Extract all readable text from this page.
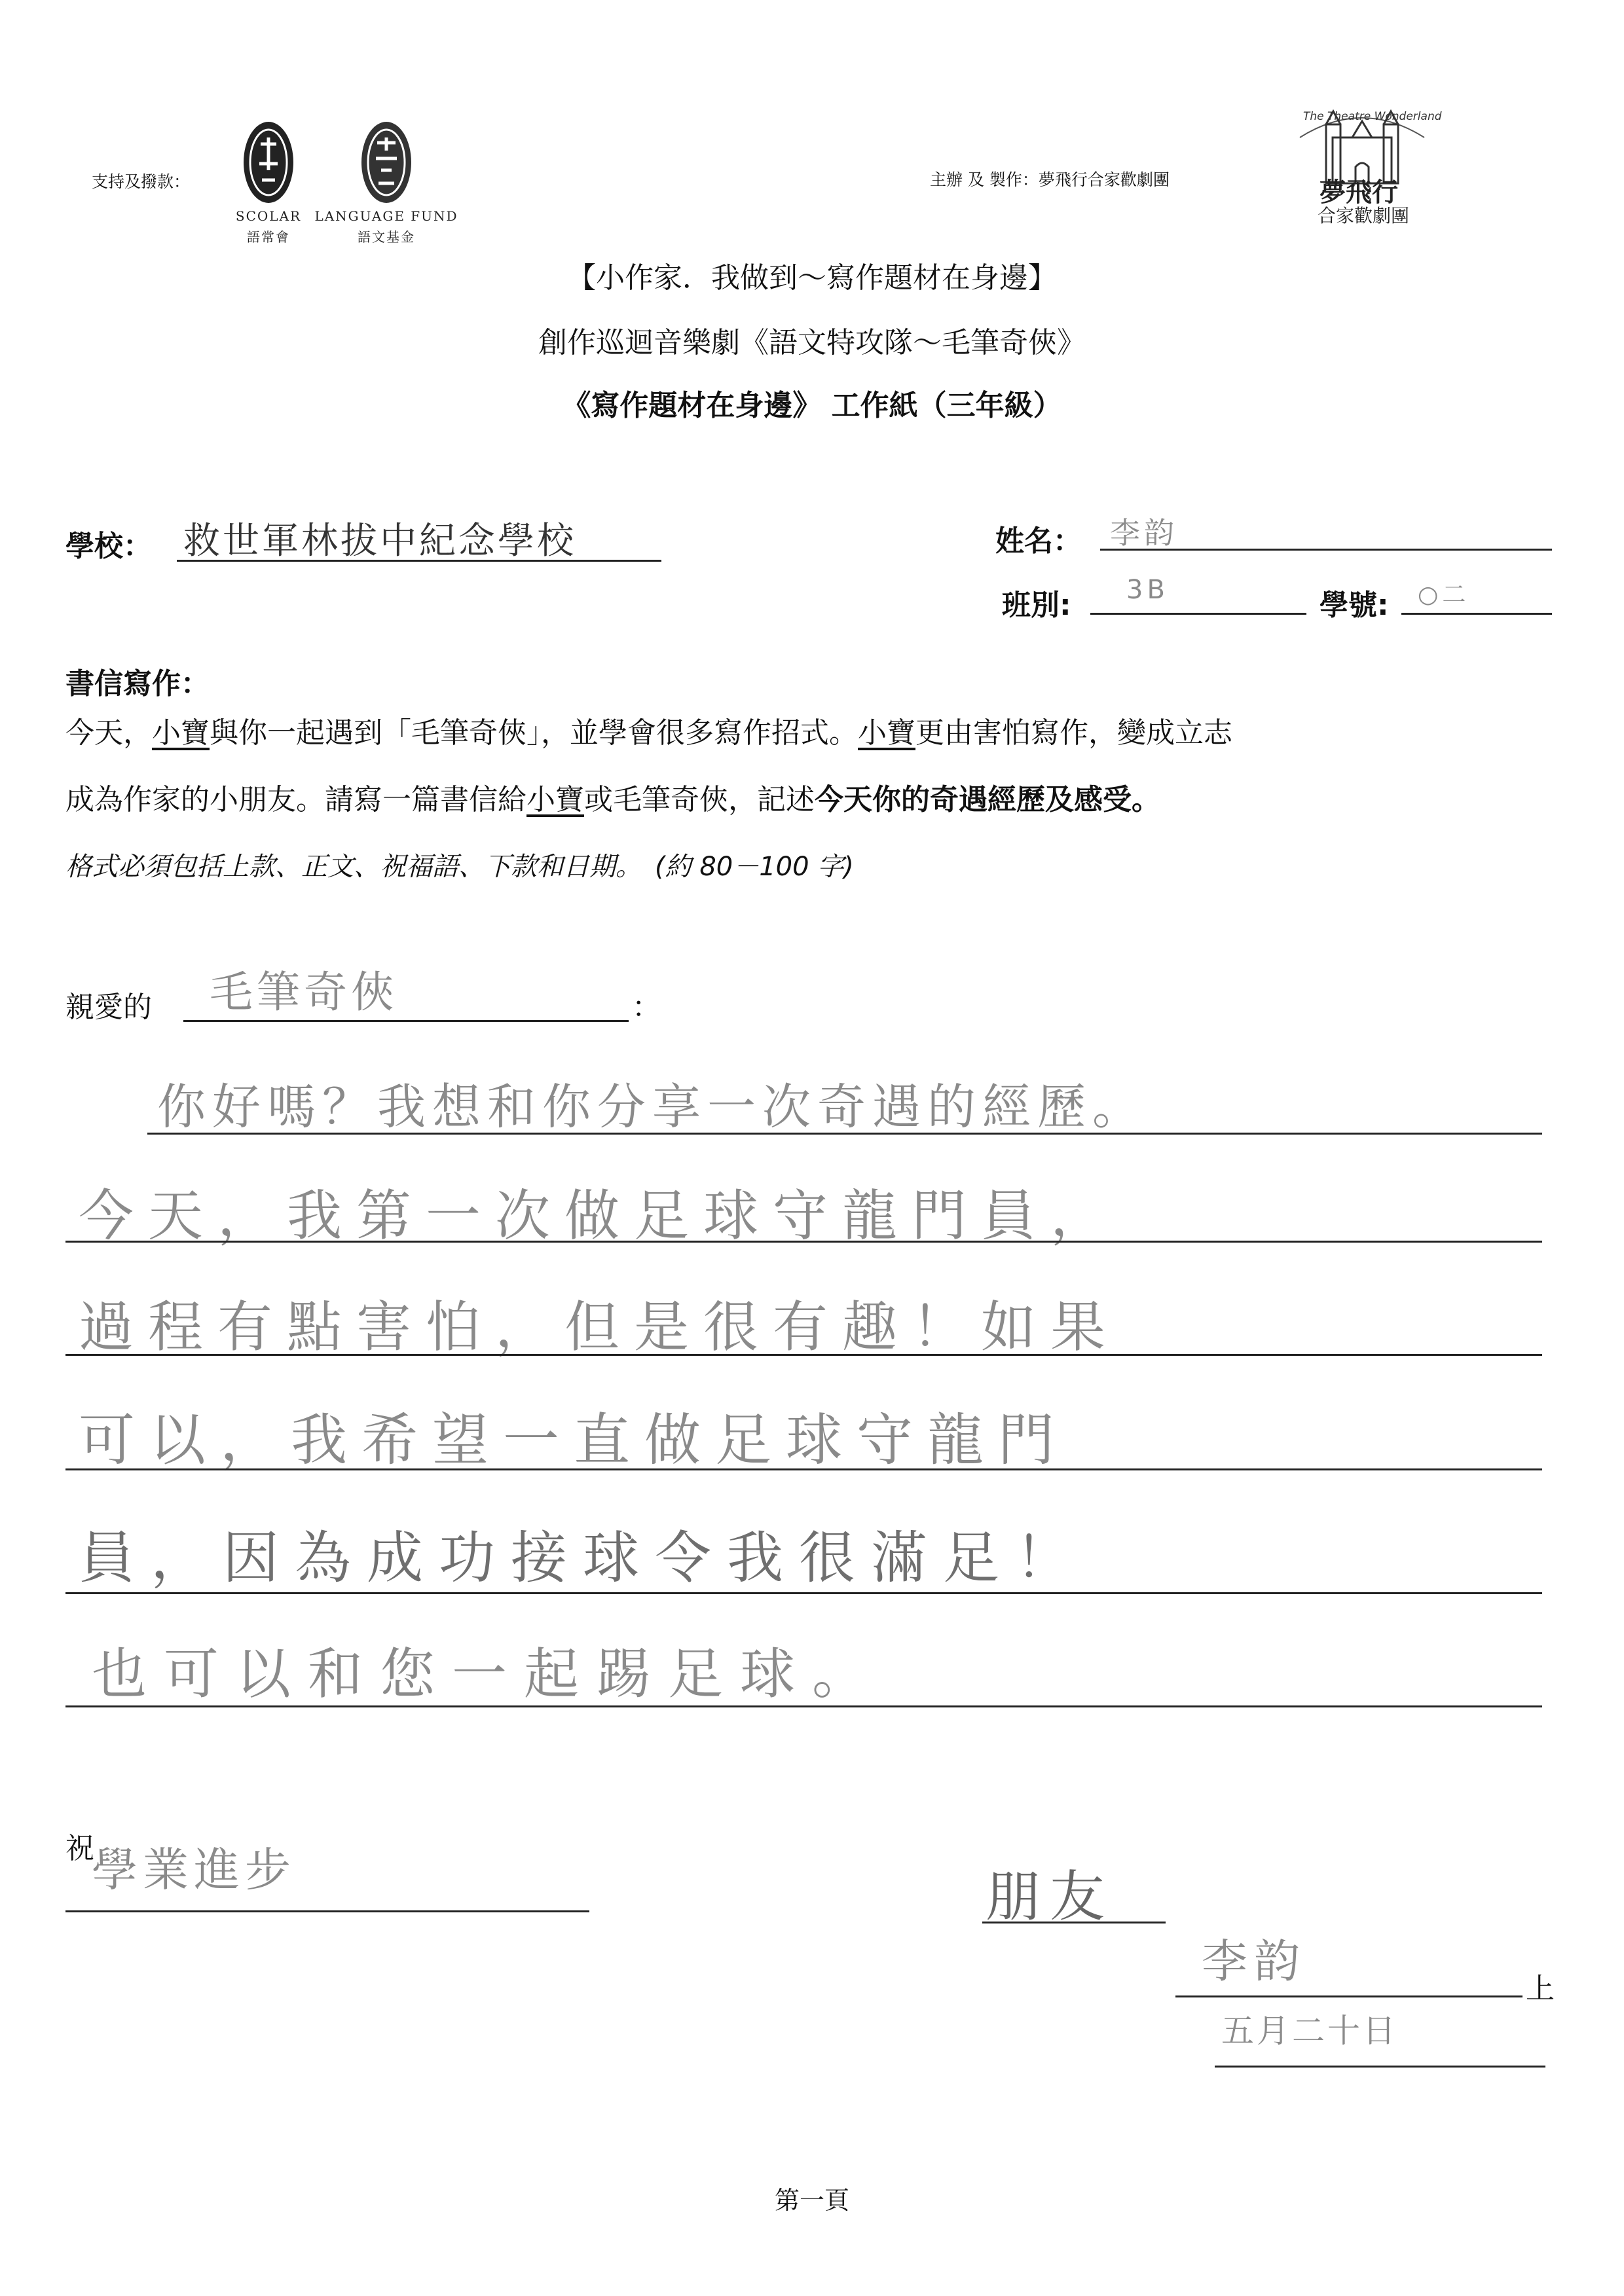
支持及撥款：
SCOLAR
語常會
LANGUAGE FUND
語文基金
主辦 及 製作：夢飛行合家歡劇團
The Theatre Wonderland
夢飛行
合家歡劇團
【小作家．我做到～寫作題材在身邊】
創作巡迴音樂劇《語文特攻隊～毛筆奇俠》
《寫作題材在身邊》 工作紙（三年級）
學校： 救世軍林拔中紀念學校	姓名： 李韵
班別: 3B	學號: ○二
書信寫作：
今天，小寶與你一起遇到「毛筆奇俠」，並學會很多寫作招式。小寶更由害怕寫作，變成立志
成為作家的小朋友。請寫一篇書信給小寶或毛筆奇俠，記述今天你的奇遇經歷及感受。
格式必須包括上款、正文、祝福語、下款和日期。　(約 80－100 字)
親愛的 毛筆奇俠	：
你好嗎？我想和你分享一次奇遇的經歷。
今天，我第一次做足球守龍門員，
過程有點害怕，但是很有趣！如果
可以，我希望一直做足球守龍門
員，因為成功接球令我很滿足！
也可以和您一起踢足球。
祝
學業進步	朋友
李韵
上
五月二十日
第一頁
